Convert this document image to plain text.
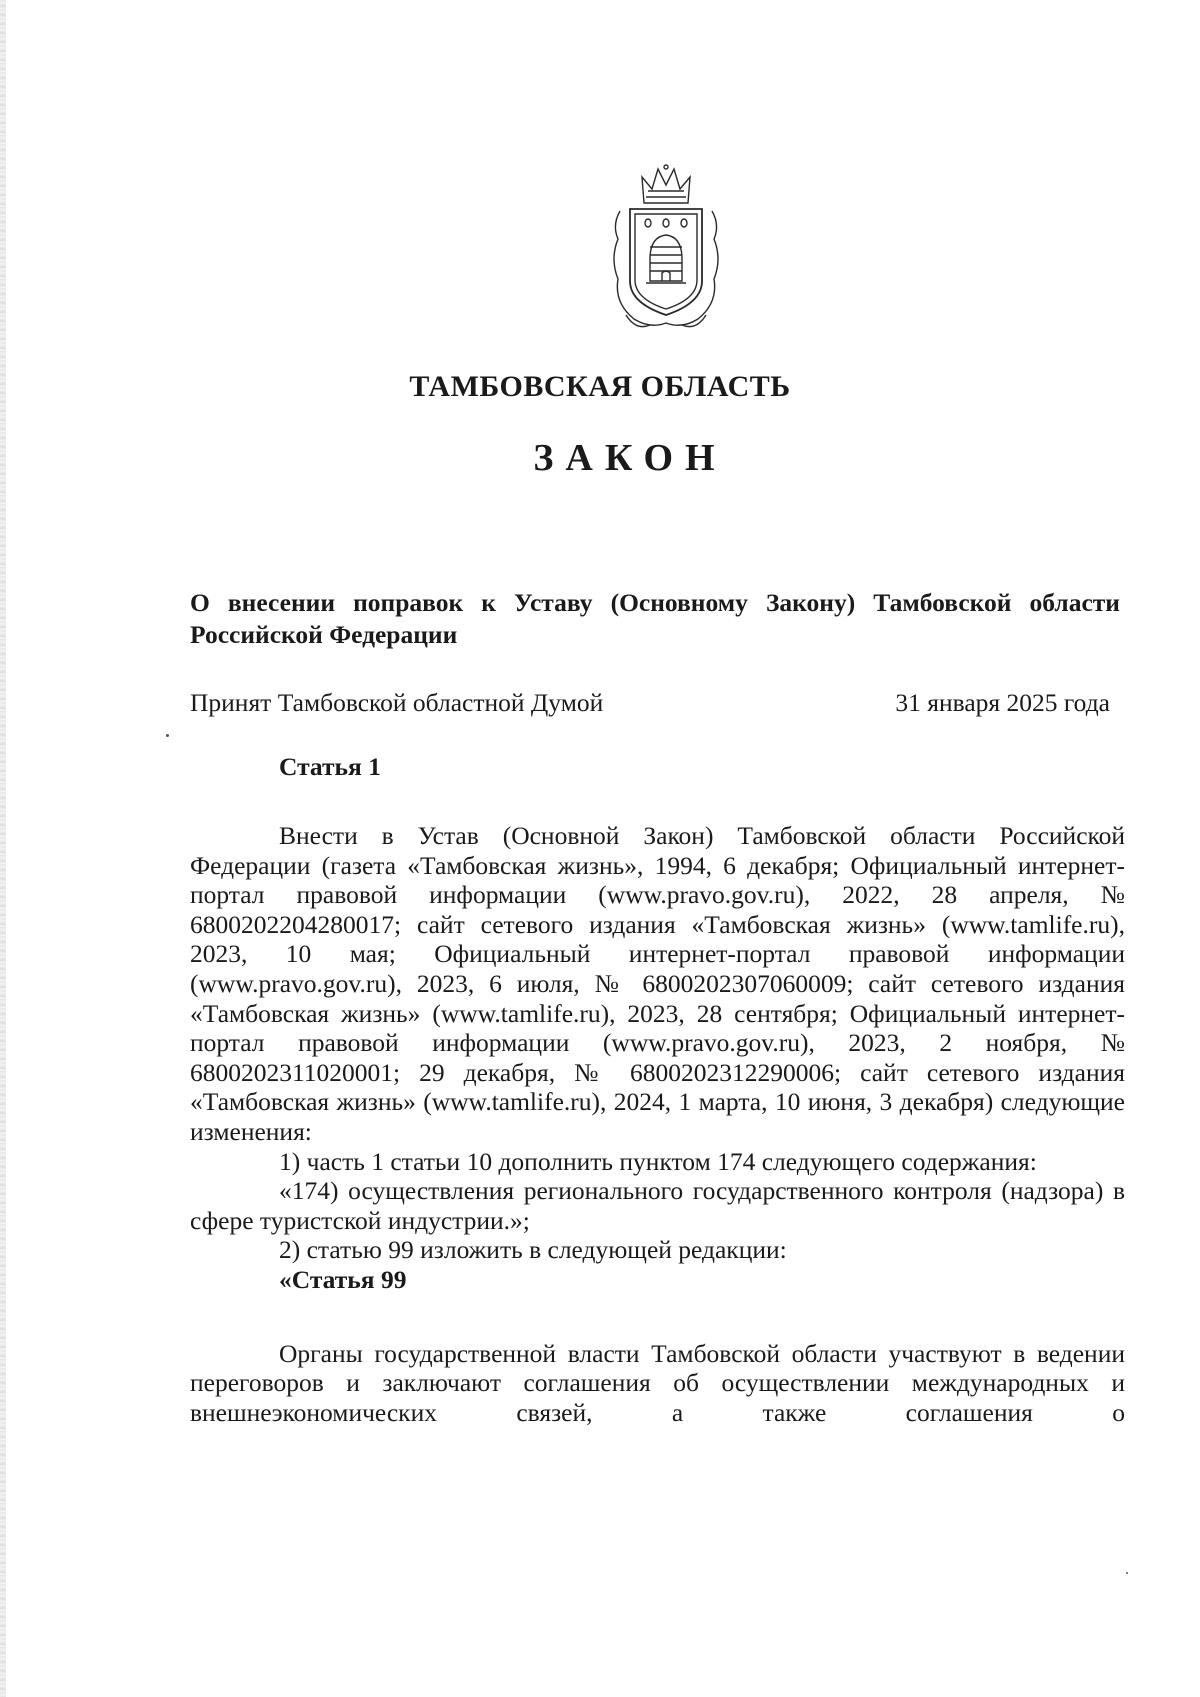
ТАМБОВСКАЯ ОБЛАСТЬ
ЗАКОН
О внесении поправок к Уставу (Основному Закону) Тамбовской области Российской Федерации
Принят Тамбовской областной Думой	31 января 2025 года
Статья 1

Внести в Устав (Основной Закон) Тамбовской области Российской Федерации (газета «Тамбовская жизнь», 1994, 6 декабря; Официальный интернет-портал правовой информации (www.pravo.gov.ru), 2022, 28 апреля, № 6800202204280017; сайт сетевого издания «Тамбовская жизнь» (www.tamlife.ru), 2023, 10 мая; Официальный интернет-портал правовой информации (www.pravo.gov.ru), 2023, 6 июля, № 6800202307060009; сайт сетевого издания «Тамбовская жизнь» (www.tamlife.ru), 2023, 28 сентября; Официальный интернет-портал правовой информации (www.pravo.gov.ru), 2023, 2 ноября, № 6800202311020001; 29 декабря, № 6800202312290006; сайт сетевого издания «Тамбовская жизнь» (www.tamlife.ru), 2024, 1 марта, 10 июня, 3 декабря) следующие изменения:

1) часть 1 статьи 10 дополнить пунктом 174 следующего содержания:

«174) осуществления регионального государственного контроля (надзора) в сфере туристской индустрии.»;

2) статью 99 изложить в следующей редакции:

«Статья 99

Органы государственной власти Тамбовской области участвуют в ведении переговоров и заключают соглашения об осуществлении международных и внешнеэкономических связей, а также соглашения о
